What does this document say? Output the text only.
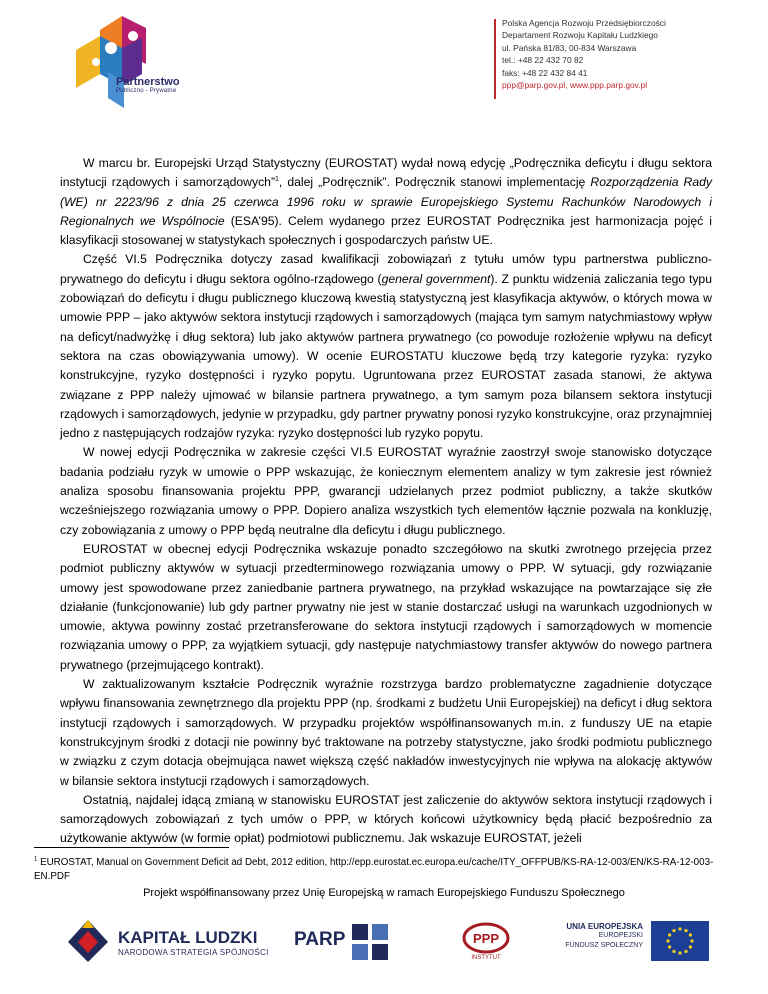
Partnerstwo
Publiczno - Prywatne
Polska Agencja Rozwoju Przedsiębiorczości
Departament Rozwoju Kapitału Ludzkiego
ul. Pańska 81/83, 00-834 Warszawa
tel.: +48 22 432 70 82
faks: +48 22 432 84 41
ppp@parp.gov.pl, www.ppp.parp.gov.pl

W marcu br. Europejski Urząd Statystyczny (EUROSTAT) wydał nową edycję „Podręcznika deficytu i długu sektora instytucji rządowych i samorządowych”$^1$, dalej „Podręcznik”. Podręcznik stanowi implementację Rozporządzenia Rady (WE) nr 2223/96 z dnia 25 czerwca 1996 roku w sprawie Europejskiego Systemu Rachunków Narodowych i Regionalnych we Wspólnocie (ESA’95). Celem wydanego przez EUROSTAT Podręcznika jest harmonizacja pojęć i klasyfikacji stosowanej w statystykach społecznych i gospodarczych państw UE.

Część VI.5 Podręcznika dotyczy zasad kwalifikacji zobowiązań z tytułu umów typu partnerstwa publiczno-prywatnego do deficytu i długu sektora ogólno-rządowego (general government). Z punktu widzenia zaliczania tego typu zobowiązań do deficytu i długu publicznego kluczową kwestią statystyczną jest klasyfikacja aktywów, o których mowa w umowie PPP – jako aktywów sektora instytucji rządowych i samorządowych (mająca tym samym natychmiastowy wpływ na deficyt/nadwyżkę i dług sektora) lub jako aktywów partnera prywatnego (co powoduje rozłożenie wpływu na deficyt sektora na czas obowiązywania umowy). W ocenie EUROSTATU kluczowe będą trzy kategorie ryzyka: ryzyko konstrukcyjne, ryzyko dostępności i ryzyko popytu. Ugruntowana przez EUROSTAT zasada stanowi, że aktywa związane z PPP należy ujmować w bilansie partnera prywatnego, a tym samym poza bilansem sektora instytucji rządowych i samorządowych, jedynie w przypadku, gdy partner prywatny ponosi ryzyko konstrukcyjne, oraz przynajmniej jedno z następujących rodzajów ryzyka: ryzyko dostępności lub ryzyko popytu.

W nowej edycji Podręcznika w zakresie części VI.5 EUROSTAT wyraźnie zaostrzył swoje stanowisko dotyczące badania podziału ryzyk w umowie o PPP wskazując, że koniecznym elementem analizy w tym zakresie jest również analiza sposobu finansowania projektu PPP, gwarancji udzielanych przez podmiot publiczny, a także skutków wcześniejszego rozwiązania umowy o PPP. Dopiero analiza wszystkich tych elementów łącznie pozwala na konkluzję, czy zobowiązania z umowy o PPP będą neutralne dla deficytu i długu publicznego.

EUROSTAT w obecnej edycji Podręcznika wskazuje ponadto szczegółowo na skutki zwrotnego przejęcia przez podmiot publiczny aktywów w sytuacji przedterminowego rozwiązania umowy o PPP. W sytuacji, gdy rozwiązanie umowy jest spowodowane przez zaniedbanie partnera prywatnego, na przykład wskazujące na powtarzające się złe działanie (funkcjonowanie) lub gdy partner prywatny nie jest w stanie dostarczać usługi na warunkach uzgodnionych w umowie, aktywa powinny zostać przetransferowane do sektora instytucji rządowych i samorządowych w momencie rozwiązania umowy o PPP, za wyjątkiem sytuacji, gdy następuje natychmiastowy transfer aktywów do nowego partnera prywatnego (przejmującego kontrakt).

W zaktualizowanym kształcie Podręcznik wyraźnie rozstrzyga bardzo problematyczne zagadnienie dotyczące wpływu finansowania zewnętrznego dla projektu PPP (np. środkami z budżetu Unii Europejskiej) na deficyt i dług sektora instytucji rządowych i samorządowych. W przypadku projektów współfinansowanych m.in. z funduszy UE na etapie konstrukcyjnym środki z dotacji nie powinny być traktowane na potrzeby statystyczne, jako środki podmiotu publicznego w związku z czym dotacja obejmująca nawet większą część nakładów inwestycyjnych nie wpływa na alokację aktywów w bilansie sektora instytucji rządowych i samorządowych.

Ostatnią, najdalej idącą zmianą w stanowisku EUROSTAT jest zaliczenie do aktywów sektora instytucji rządowych i samorządowych zobowiązań z tych umów o PPP, w których końcowi użytkownicy będą płacić bezpośrednio za użytkowanie aktywów (w formie opłat) podmiotowi publicznemu. Jak wskazuje EUROSTAT, jeżeli

$^1$ EUROSTAT, Manual on Government Deficit ad Debt, 2012 edition, http://epp.eurostat.ec.europa.eu/cache/ITY_OFFPUB/KS-RA-12-003/EN/KS-RA-12-003-EN.PDF
Projekt współfinansowany przez Unię Europejską w ramach Europejskiego Funduszu Społecznego
KAPITAŁ LUDZKI
NARODOWA STRATEGIA SPÓJNOŚCI
PARP	PPP
INSTYTUT
UNIA EUROPEJSKA
EUROPEJSKI
FUNDUSZ SPOŁECZNY
